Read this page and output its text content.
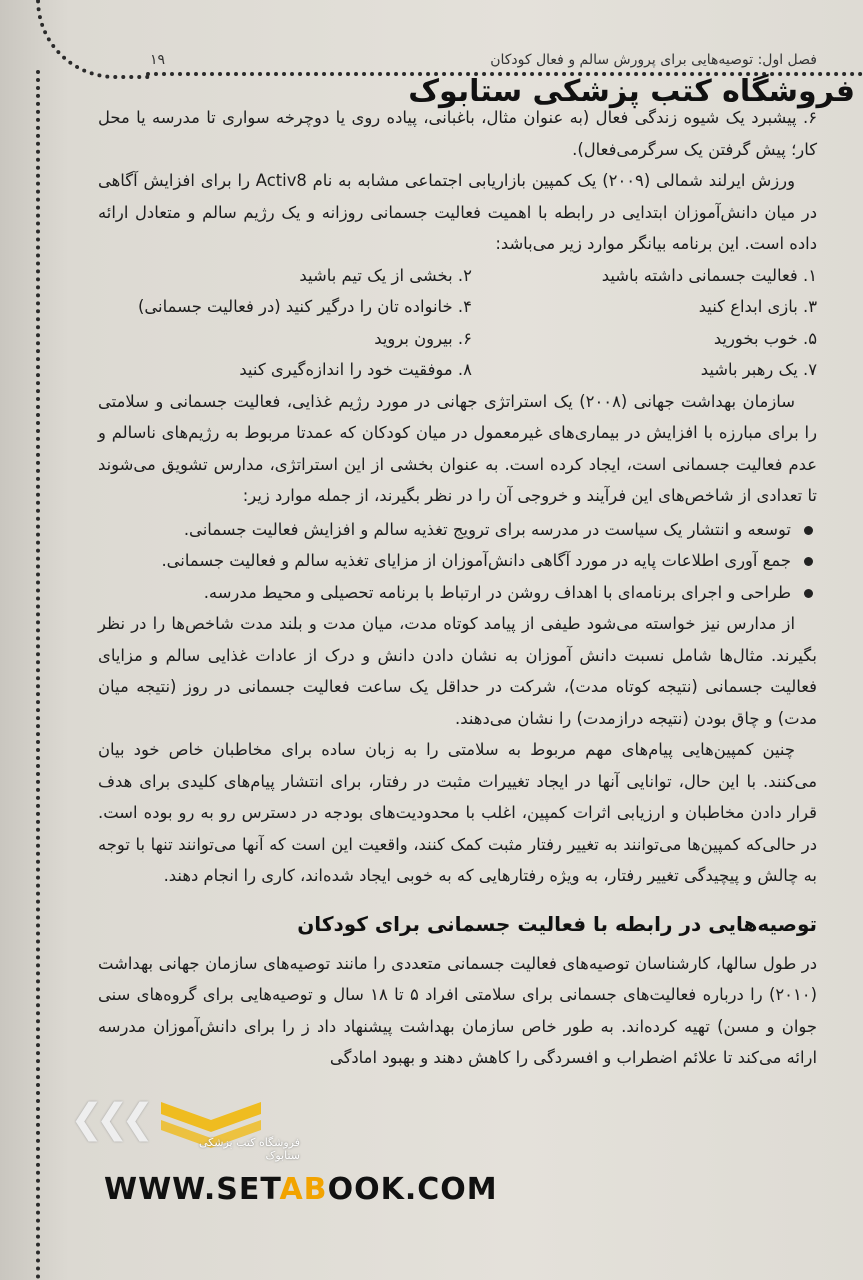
فصل اول: توصیه‌هایی برای پرورش سالم و فعال کودکان
۱۹
فروشگاه کتب پزشکی ستابوک

۶. پیشبرد یک شیوه زندگی فعال (به عنوان مثال، باغبانی، پیاده روی یا دوچرخه سواری تا مدرسه یا محل کار؛ پیش گرفتن یک سرگرمی‌فعال).

ورزش ایرلند شمالی (۲۰۰۹) یک کمپین بازاریابی اجتماعی مشابه به نام Activ8 را برای افزایش آگاهی در میان دانش‌آموزان ابتدایی در رابطه با اهمیت فعالیت جسمانی روزانه و یک رژیم سالم و متعادل ارائه داده است. این برنامه بیانگر موارد زیر می‌باشد:

۱. فعالیت جسمانی داشته باشید
۲. بخشی از یک تیم باشید
۳. بازی ابداع کنید
۴. خانواده تان را درگیر کنید (در فعالیت جسمانی)
۵. خوب بخورید
۶. بیرون بروید
۷. یک رهبر باشید
۸. موفقیت خود را اندازه‌گیری کنید

سازمان بهداشت جهانی (۲۰۰۸) یک استراتژی جهانی در مورد رژیم غذایی، فعالیت جسمانی و سلامتی را برای مبارزه با افزایش در بیماری‌های غیرمعمول در میان کودکان که عمدتا مربوط به رژیم‌های ناسالم و عدم فعالیت جسمانی است، ایجاد کرده است. به عنوان بخشی از این استراتژی، مدارس تشویق می‌شوند تا تعدادی از شاخص‌های این فرآیند و خروجی آن را در نظر بگیرند، از جمله موارد زیر:

توسعه و انتشار یک سیاست در مدرسه برای ترویج تغذیه سالم و افزایش فعالیت جسمانی.
جمع آوری اطلاعات پایه در مورد آگاهی دانش‌آموزان از مزایای تغذیه سالم و فعالیت جسمانی.
طراحی و اجرای برنامه‌ای با اهداف روشن در ارتباط با برنامه تحصیلی و محیط مدرسه.

از مدارس نیز خواسته می‌شود طیفی از پیامد کوتاه مدت، میان مدت و بلند مدت شاخص‌ها را در نظر بگیرند. مثال‌ها شامل نسبت دانش آموزان به نشان دادن دانش و درک از عادات غذایی سالم و مزایای فعالیت جسمانی (نتیجه کوتاه مدت)، شرکت در حداقل یک ساعت فعالیت جسمانی در روز (نتیجه میان مدت) و چاق بودن (نتیجه درازمدت) را نشان می‌دهند.

چنین کمپین‌هایی پیام‌های مهم مربوط به سلامتی را به زبان ساده برای مخاطبان خاص خود بیان می‌کنند. با این حال، توانایی آنها در ایجاد تغییرات مثبت در رفتار، برای انتشار پیام‌های کلیدی برای هدف قرار دادن مخاطبان و ارزیابی اثرات کمپین، اغلب با محدودیت‌های بودجه در دسترس رو به رو بوده است. در حالی‌که کمپین‌ها می‌توانند به تغییر رفتار مثبت کمک کنند، واقعیت این است که آنها می‌توانند تنها با توجه به چالش و پیچیدگی تغییر رفتار، به ویژه رفتارهایی که به خوبی ایجاد شده‌اند، کاری را انجام دهند.

توصیه‌هایی در رابطه با فعالیت جسمانی برای کودکان

در طول سالها، کارشناسان توصیه‌های فعالیت جسمانی متعددی را مانند توصیه‌های سازمان جهانی بهداشت (۲۰۱۰) را درباره فعالیت‌های جسمانی برای سلامتی افراد ۵ تا ۱۸ سال و توصیه‌هایی برای گروه‌های سنی جوان و مسن) تهیه کرده‌اند. به طور خاص سازمان بهداشت پیشنهاد داد ز را برای دانش‌آموزان مدرسه ارائه می‌کند تا علائم اضطراب و افسردگی را کاهش دهند و بهبود امادگی

❮❮❮
فروشگاه کتب پزشکی ستابوک
WWW.SETABOOK.COM
